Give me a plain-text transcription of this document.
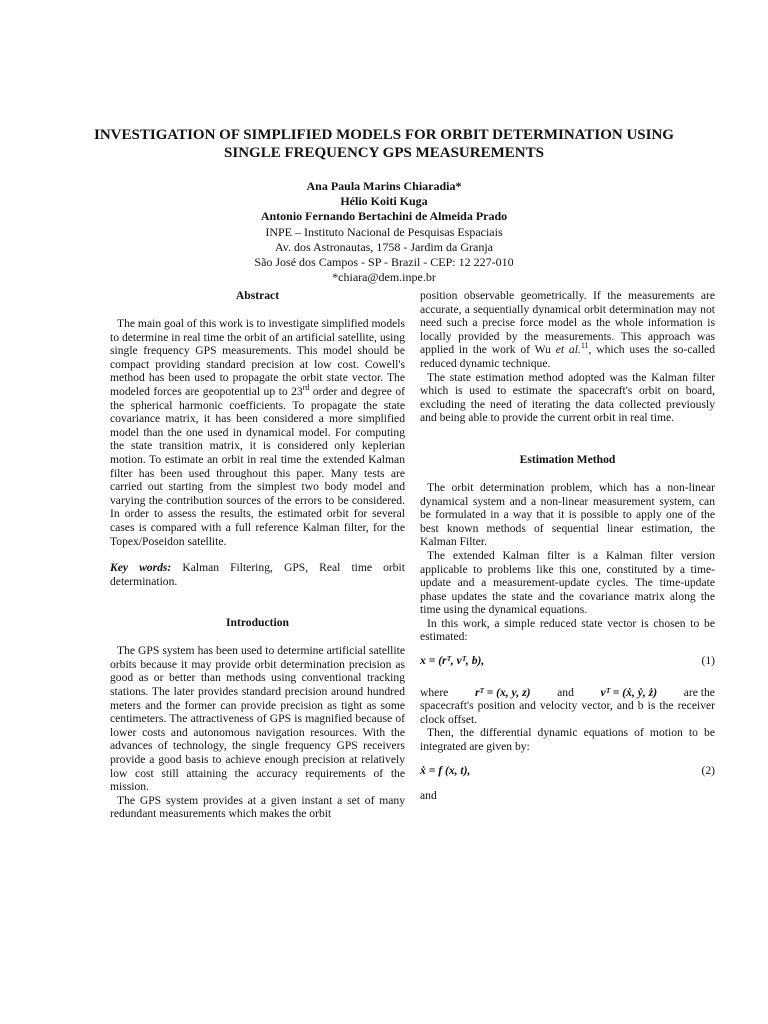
INVESTIGATION OF SIMPLIFIED MODELS FOR ORBIT DETERMINATION USING
SINGLE FREQUENCY GPS MEASUREMENTS
Ana Paula Marins Chiaradia*
Hélio Koiti Kuga
Antonio Fernando Bertachini de Almeida Prado
INPE – Instituto Nacional de Pesquisas Espaciais
Av. dos Astronautas, 1758 - Jardim da Granja
São José dos Campos - SP - Brazil - CEP: 12 227-010
*chiara@dem.inpe.br
Abstract

The main goal of this work is to investigate simplified models to determine in real time the orbit of an artificial satellite, using single frequency GPS measurements. This model should be compact providing standard precision at low cost. Cowell's method has been used to propagate the orbit state vector. The modeled forces are geopotential up to 23rd order and degree of the spherical harmonic coefficients. To propagate the state covariance matrix, it has been considered a more simplified model than the one used in dynamical model. For computing the state transition matrix, it is considered only keplerian motion. To estimate an orbit in real time the extended Kalman filter has been used throughout this paper. Many tests are carried out starting from the simplest two body model and varying the contribution sources of the errors to be considered. In order to assess the results, the estimated orbit for several cases is compared with a full reference Kalman filter, for the Topex/Poseidon satellite.

Key words: Kalman Filtering, GPS, Real time orbit determination.

Introduction

The GPS system has been used to determine artificial satellite orbits because it may provide orbit determination precision as good as or better than methods using conventional tracking stations. The later provides standard precision around hundred meters and the former can provide precision as tight as some centimeters. The attractiveness of GPS is magnified because of lower costs and autonomous navigation resources. With the advances of technology, the single frequency GPS receivers provide a good basis to achieve enough precision at relatively low cost still attaining the accuracy requirements of the mission.

The GPS system provides at a given instant a set of many redundant measurements which makes the orbit

position observable geometrically. If the measurements are accurate, a sequentially dynamical orbit determination may not need such a precise force model as the whole information is locally provided by the measurements. This approach was applied in the work of Wu et al.$^{11}$, which uses the so-called reduced dynamic technique.

The state estimation method adopted was the Kalman filter which is used to estimate the spacecraft's orbit on board, excluding the need of iterating the data collected previously and being able to provide the current orbit in real time.

Estimation Method

The orbit determination problem, which has a non-linear dynamical system and a non-linear measurement system, can be formulated in a way that it is possible to apply one of the best known methods of sequential linear estimation, the Kalman Filter.

The extended Kalman filter is a Kalman filter version applicable to problems like this one, constituted by a time-update and a measurement-update cycles. The time-update phase updates the state and the covariance matrix along the time using the dynamical equations.

In this work, a simple reduced state vector is chosen to be estimated:

x = (rᵀ, vᵀ, b),	(1)

where rᵀ = (x, y, z) and vᵀ = (ẋ, ẏ, ż) are the

spacecraft's position and velocity vector, and b is the receiver clock offset.

Then, the differential dynamic equations of motion to be integrated are given by:

ẋ = f (x, t),	(2)

and
